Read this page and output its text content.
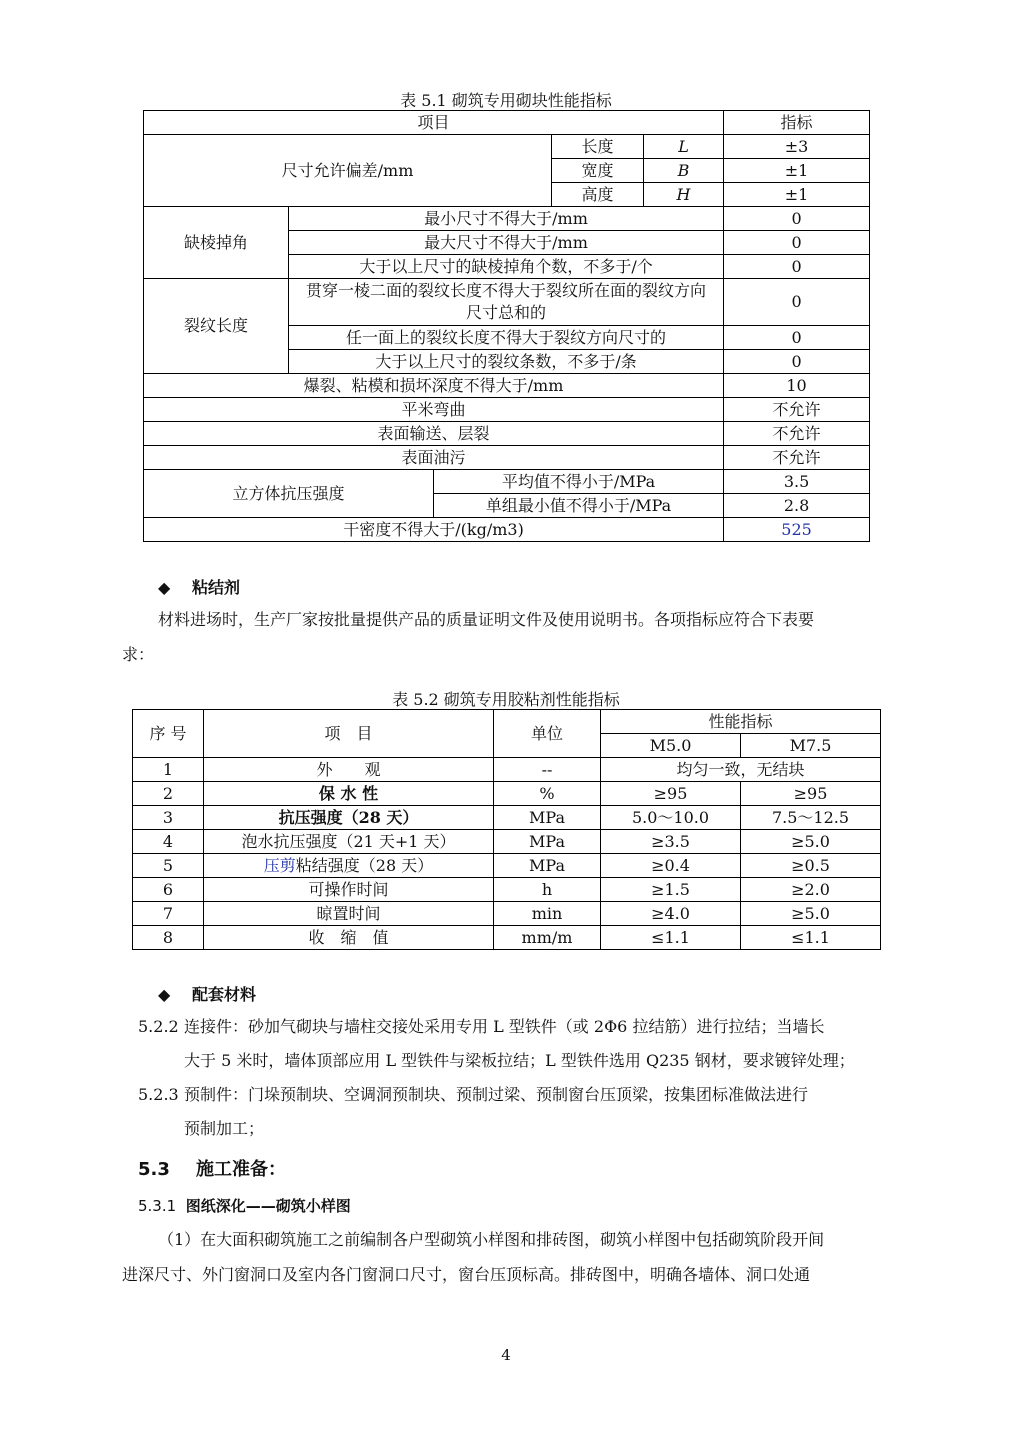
表 5.1 砌筑专用砌块性能指标
项目					指标
尺寸允许偏差/mm			长度	L	±3
			宽度	B	±1
			高度	H	±1
缺棱掉角	最小尺寸不得大于/mm				0
	最大尺寸不得大于/mm				0
	大于以上尺寸的缺棱掉角个数，不多于/个				0
裂纹长度	贯穿一棱二面的裂纹长度不得大于裂纹所在面的裂纹方向尺寸总和的				0
	任一面上的裂纹长度不得大于裂纹方向尺寸的				0
	大于以上尺寸的裂纹条数，不多于/条				0
爆裂、粘模和损坏深度不得大于/mm					10
平米弯曲					不允许
表面输送、层裂					不允许
表面油污					不允许
立方体抗压强度		平均值不得小于/MPa			3.5
		单组最小值不得小于/MPa			2.8
干密度不得大于/(kg/m3)					525
◆ 粘结剂
材料进场时，生产厂家按批量提供产品的质量证明文件及使用说明书。各项指标应符合下表要
求：
表 5.2 砌筑专用胶粘剂性能指标
序 号	项　目	单位	性能指标	
			M5.0	M7.5
1	外　　观	--	均匀一致，无结块	
2	保 水 性	%	≥95	≥95
3	抗压强度（28 天）	MPa	5.0～10.0	7.5～12.5
4	泡水抗压强度（21 天+1 天）	MPa	≥3.5	≥5.0
5	压剪粘结强度（28 天）	MPa	≥0.4	≥0.5
6	可操作时间	h	≥1.5	≥2.0
7	晾置时间	min	≥4.0	≥5.0
8	收　缩　值	mm/m	≤1.1	≤1.1
◆ 配套材料
5.2.2 连接件：砂加气砌块与墙柱交接处采用专用 L 型铁件（或 2Φ6 拉结筋）进行拉结；当墙长
大于 5 米时，墙体顶部应用 L 型铁件与梁板拉结；L 型铁件选用 Q235 钢材，要求镀锌处理；
5.2.3 预制件：门垛预制块、空调洞预制块、预制过梁、预制窗台压顶梁，按集团标准做法进行
预制加工；
5.3 施工准备：
5.3.1 图纸深化——砌筑小样图
（1）在大面积砌筑施工之前编制各户型砌筑小样图和排砖图，砌筑小样图中包括砌筑阶段开间
进深尺寸、外门窗洞口及室内各门窗洞口尺寸，窗台压顶标高。排砖图中，明确各墙体、洞口处通
4
